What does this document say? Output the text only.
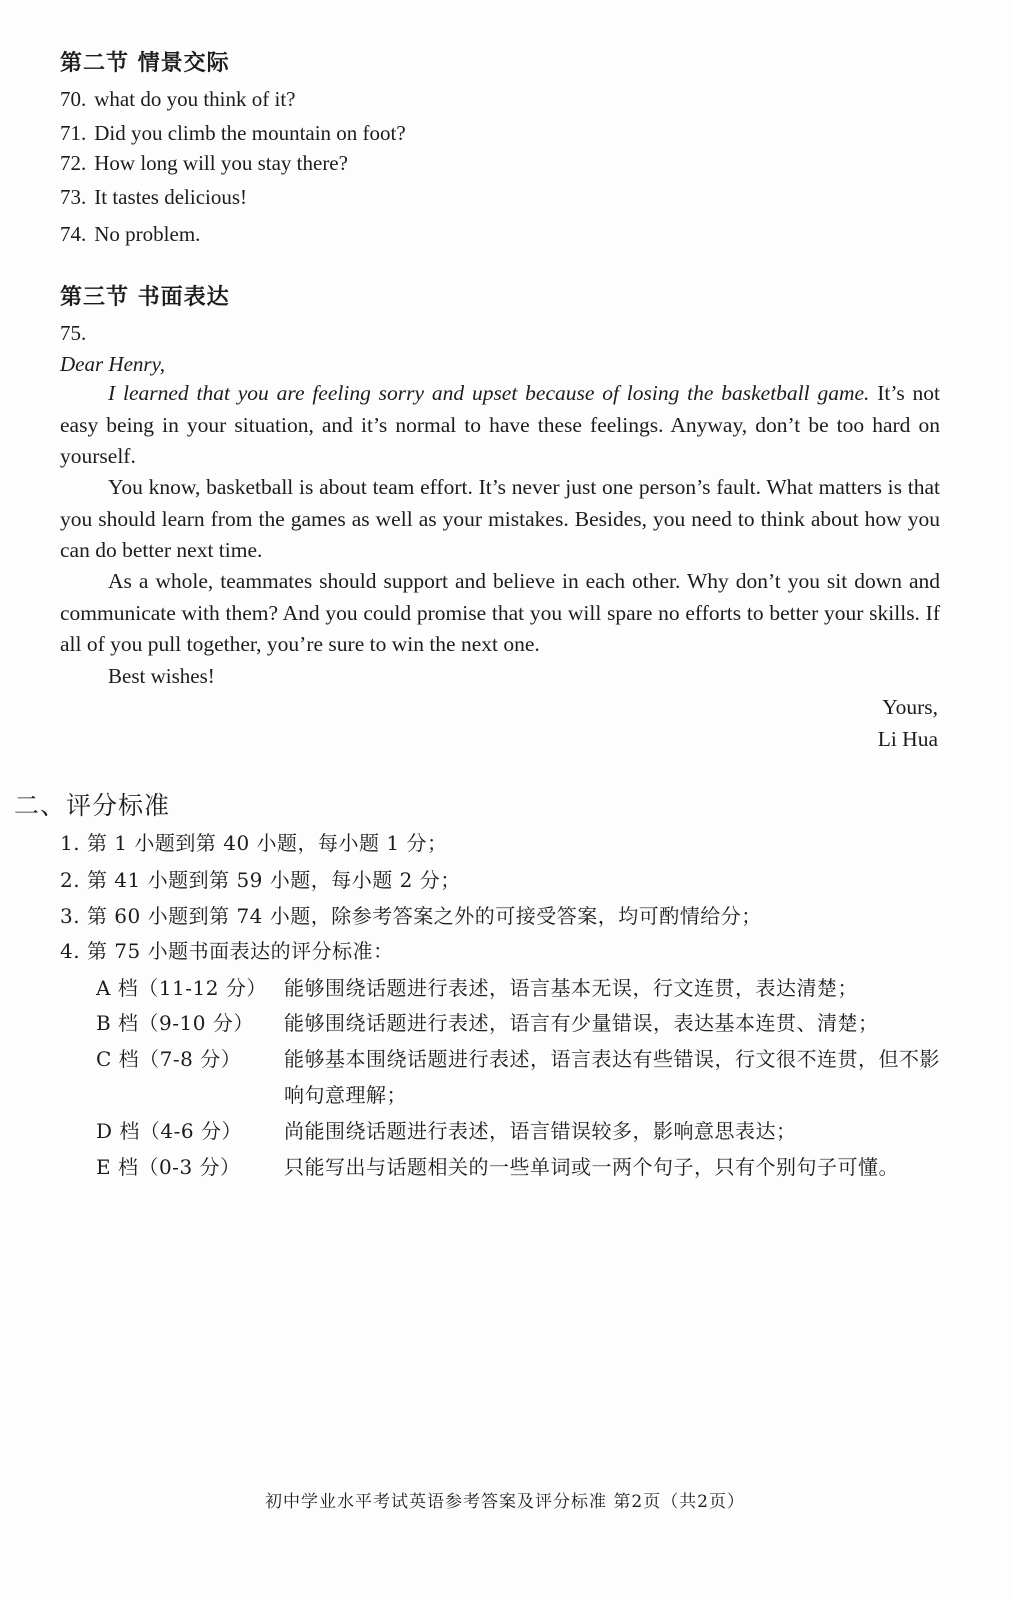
第二节 情景交际
70. what do you think of it?
71. Did you climb the mountain on foot?
72. How long will you stay there?
73. It tastes delicious!
74. No problem.
第三节 书面表达
75.
Dear Henry,
I learned that you are feeling sorry and upset because of losing the basketball game. It’s not easy being in your situation, and it’s normal to have these feelings. Anyway, don’t be too hard on yourself.
You know, basketball is about team effort. It’s never just one person’s fault. What matters is that you should learn from the games as well as your mistakes. Besides, you need to think about how you can do better next time.
As a whole, teammates should support and believe in each other. Why don’t you sit down and communicate with them? And you could promise that you will spare no efforts to better your skills. If all of you pull together, you’re sure to win the next one.
Best wishes!
Yours,
Li Hua
二、评分标准
1. 第 1 小题到第 40 小题，每小题 1 分；
2. 第 41 小题到第 59 小题，每小题 2 分；
3. 第 60 小题到第 74 小题，除参考答案之外的可接受答案，均可酌情给分；
4. 第 75 小题书面表达的评分标准：
A 档（11-12 分） 能够围绕话题进行表述，语言基本无误，行文连贯，表达清楚；
B 档（9-10 分） 能够围绕话题进行表述，语言有少量错误，表达基本连贯、清楚；
C 档（7-8 分） 能够基本围绕话题进行表述，语言表达有些错误，行文很不连贯，但不影响句意理解；
D 档（4-6 分） 尚能围绕话题进行表述，语言错误较多，影响意思表达；
E 档（0-3 分） 只能写出与话题相关的一些单词或一两个句子，只有个别句子可懂。
初中学业水平考试英语参考答案及评分标准 第2页（共2页）
